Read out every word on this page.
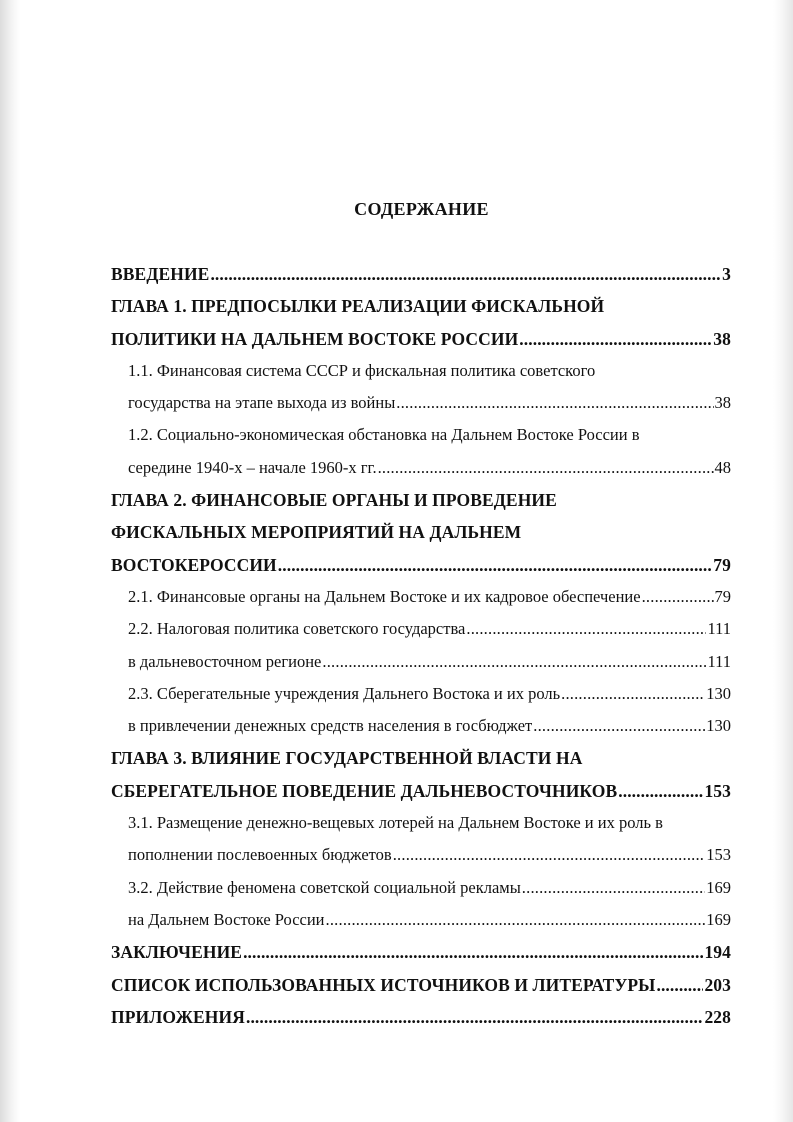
СОДЕРЖАНИЕ
ВВЕДЕНИЕ .....	3
ГЛАВА 1. ПРЕДПОСЫЛКИ РЕАЛИЗАЦИИ ФИСКАЛЬНОЙ
ПОЛИТИКИ НА ДАЛЬНЕМ ВОСТОКЕ РОССИИ .....	38
1.1. Финансовая система СССР и фискальная политика советского
государства на этапе выхода из войны .....	38
1.2. Социально-экономическая обстановка на Дальнем Востоке России в
середине 1940-х – начале 1960-х гг. .....	48
ГЛАВА 2. ФИНАНСОВЫЕ ОРГАНЫ И ПРОВЕДЕНИЕ
ФИСКАЛЬНЫХ МЕРОПРИЯТИЙ НА ДАЛЬНЕМ
ВОСТОКЕРОССИИ .....	79
2.1. Финансовые органы на Дальнем Востоке и их кадровое обеспечение .....	79
2.2. Налоговая политика советского государства .....	111
в дальневосточном регионе .....	111
2.3. Сберегательные учреждения Дальнего Востока и их роль .....	130
в привлечении денежных средств населения в госбюджет .....	130
ГЛАВА 3. ВЛИЯНИЕ ГОСУДАРСТВЕННОЙ ВЛАСТИ НА
СБЕРЕГАТЕЛЬНОЕ ПОВЕДЕНИЕ ДАЛЬНЕВОСТОЧНИКОВ .....	153
3.1. Размещение денежно-вещевых лотерей на Дальнем Востоке и их роль в
пополнении послевоенных бюджетов .....	153
3.2. Действие феномена советской социальной рекламы .....	169
на Дальнем Востоке России .....	169
ЗАКЛЮЧЕНИЕ .....	194
СПИСОК ИСПОЛЬЗОВАННЫХ ИСТОЧНИКОВ И ЛИТЕРАТУРЫ .....	203
ПРИЛОЖЕНИЯ .....	228
